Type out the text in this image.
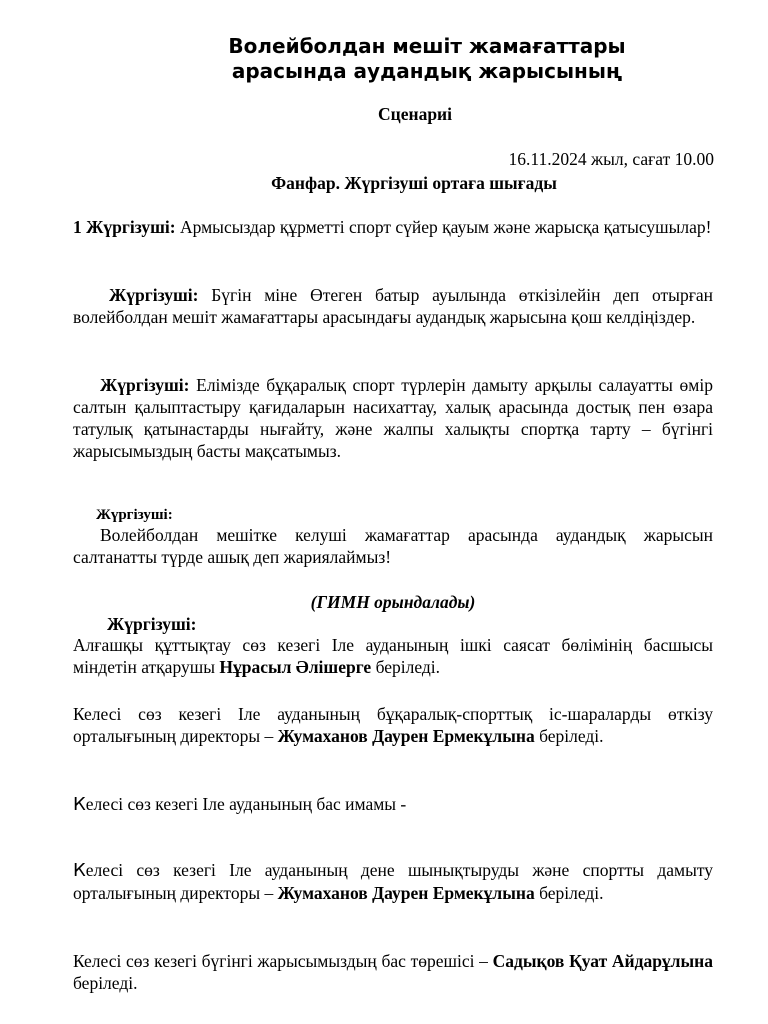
Волейболдан мешіт жамағаттары
арасында аудандық жарысының
Сценариі
16.11.2024 жыл, сағат 10.00
Фанфар. Жүргізуші ортаға шығады
1 Жүргізуші: Армысыздар құрметті спорт сүйер қауым және жарысқа қатысушылар!
Жүргізуші: Бүгін міне Өтеген батыр ауылында өткізілейін деп отырған волейболдан мешіт жамағаттары арасындағы аудандық жарысына қош келдіңіздер.
Жүргізуші: Елімізде бұқаралық спорт түрлерін дамыту арқылы салауатты өмір салтын қалыптастыру қағидаларын насихаттау, халық арасында достық пен өзара татулық қатынастарды нығайту, және жалпы халықты спортқа тарту – бүгінгі жарысымыздың басты мақсатымыз.
Жүргізуші:
Волейболдан мешітке келуші жамағаттар арасында аудандық жарысын салтанатты түрде ашық деп жариялаймыз!
(ГИМН орындалады)
Жүргізуші:
Алғашқы құттықтау сөз кезегі Іле ауданының ішкі саясат бөлімінің басшысы міндетін атқарушы Нұрасыл Әлішерге беріледі.
Келесі сөз кезегі Іле ауданының бұқаралық-спорттық іс-шараларды өткізу орталығының директоры – Жумаханов Даурен Ермекұлына беріледі.
Келесі сөз кезегі Іле ауданының бас имамы -
Келесі сөз кезегі Іле ауданының дене шынықтыруды және спортты дамыту орталығының директоры – Жумаханов Даурен Ермекұлына беріледі.
Келесі сөз кезегі бүгінгі жарысымыздың бас төрешісі – Садықов Қуат Айдарұлына беріледі.
